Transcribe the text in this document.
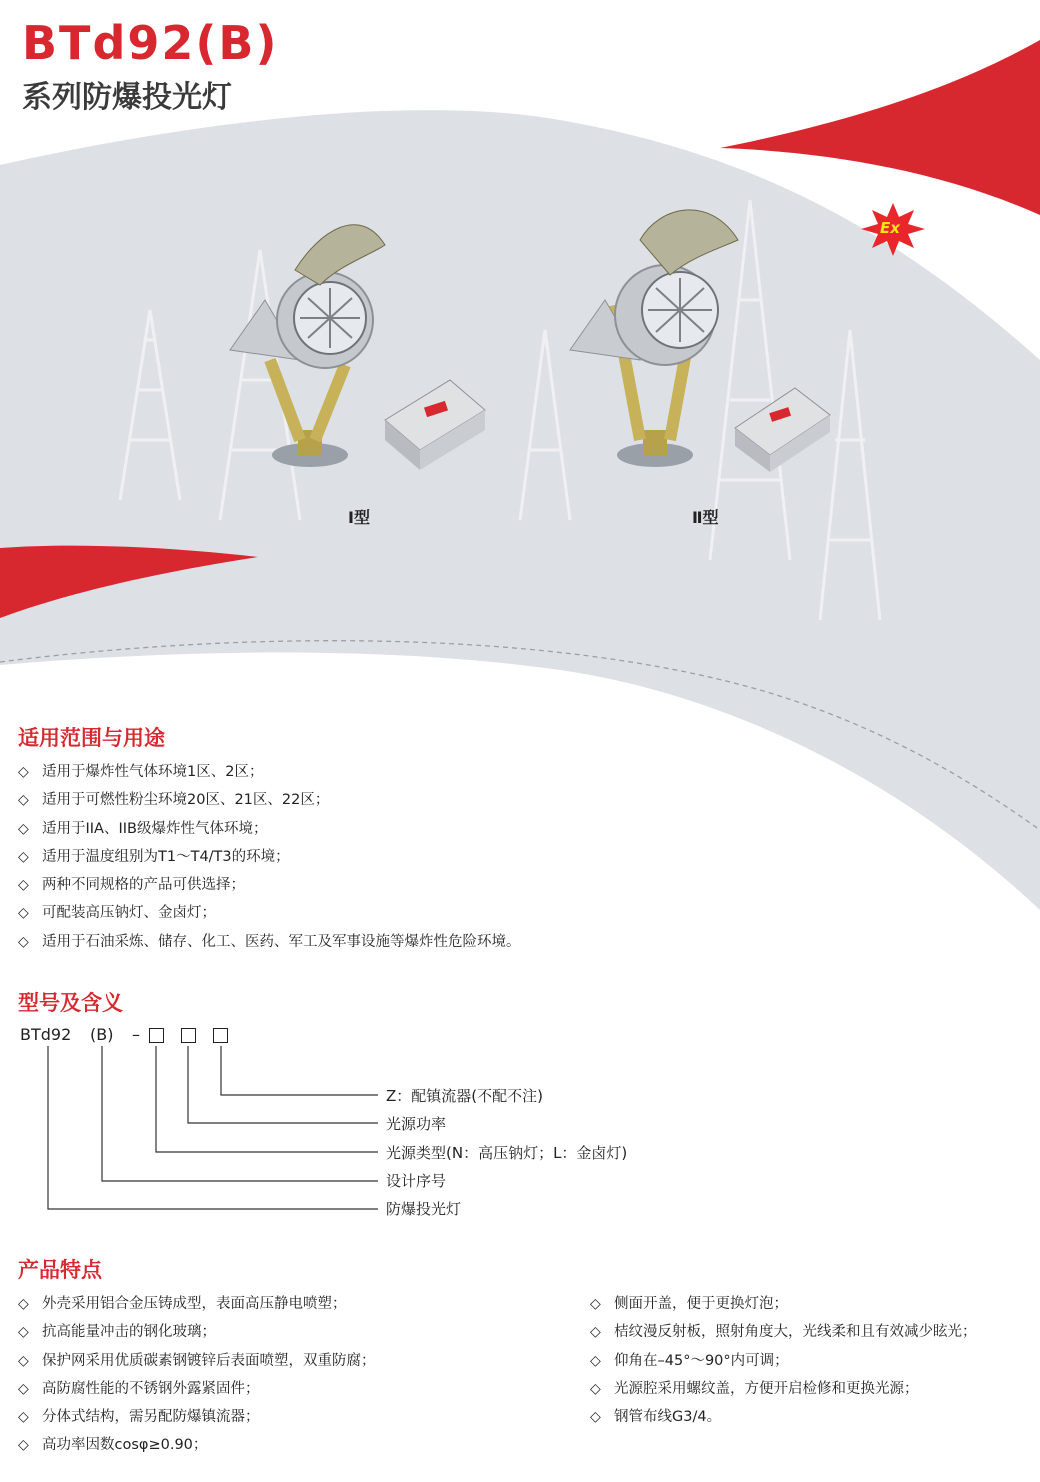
BTd92(B)
系列防爆投光灯
Ex
Ⅰ型	Ⅱ型
适用范围与用途
◇ 适用于爆炸性气体环境1区、2区；
◇ 适用于可燃性粉尘环境20区、21区、22区；
◇ 适用于IIA、IIB级爆炸性气体环境；
◇ 适用于温度组别为T1～T4/T3的环境；
◇ 两种不同规格的产品可供选择；
◇ 可配装高压钠灯、金卤灯；
◇ 适用于石油采炼、储存、化工、医药、军工及军事设施等爆炸性危险环境。
型号及含义
BTd92 (B) –
Z：配镇流器(不配不注)
光源功率
光源类型(N：高压钠灯；L：金卤灯)
设计序号
防爆投光灯
产品特点
◇ 外壳采用铝合金压铸成型，表面高压静电喷塑；
◇ 抗高能量冲击的钢化玻璃；
◇ 保护网采用优质碳素钢镀锌后表面喷塑，双重防腐；
◇ 高防腐性能的不锈钢外露紧固件；
◇ 分体式结构，需另配防爆镇流器；
◇ 高功率因数cosφ≥0.90；
◇ 侧面开盖，便于更换灯泡；
◇ 桔纹漫反射板，照射角度大，光线柔和且有效减少眩光；
◇ 仰角在–45°～90°内可调；
◇ 光源腔采用螺纹盖，方便开启检修和更换光源；
◇ 钢管布线G3/4。
